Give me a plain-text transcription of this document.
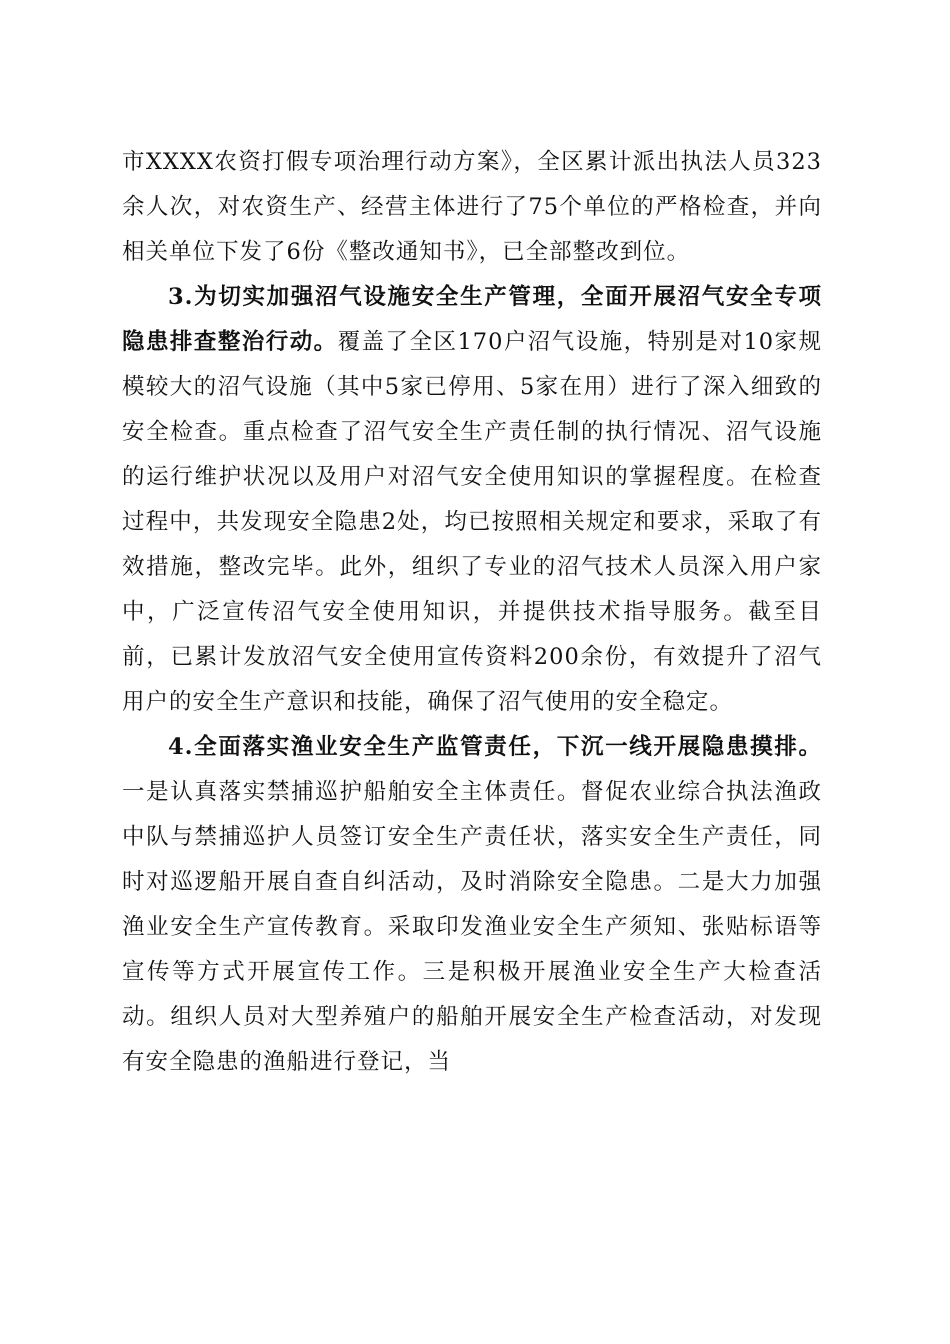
市XXXX农资打假专项治理行动方案》，全区累计派出执法人员323余人次，对农资生产、经营主体进行了75个单位的严格检查，并向相关单位下发了6份《整改通知书》，已全部整改到位。

3.为切实加强沼气设施安全生产管理，全面开展沼气安全专项隐患排查整治行动。覆盖了全区170户沼气设施，特别是对10家规模较大的沼气设施（其中5家已停用、5家在用）进行了深入细致的安全检查。重点检查了沼气安全生产责任制的执行情况、沼气设施的运行维护状况以及用户对沼气安全使用知识的掌握程度。在检查过程中，共发现安全隐患2处，均已按照相关规定和要求，采取了有效措施，整改完毕。此外，组织了专业的沼气技术人员深入用户家中，广泛宣传沼气安全使用知识，并提供技术指导服务。截至目前，已累计发放沼气安全使用宣传资料200余份，有效提升了沼气用户的安全生产意识和技能，确保了沼气使用的安全稳定。

4.全面落实渔业安全生产监管责任，下沉一线开展隐患摸排。一是认真落实禁捕巡护船舶安全主体责任。督促农业综合执法渔政中队与禁捕巡护人员签订安全生产责任状，落实安全生产责任，同时对巡逻船开展自查自纠活动，及时消除安全隐患。二是大力加强渔业安全生产宣传教育。采取印发渔业安全生产须知、张贴标语等宣传等方式开展宣传工作。三是积极开展渔业安全生产大检查活动。组织人员对大型养殖户的船舶开展安全生产检查活动，对发现有安全隐患的渔船进行登记，当
